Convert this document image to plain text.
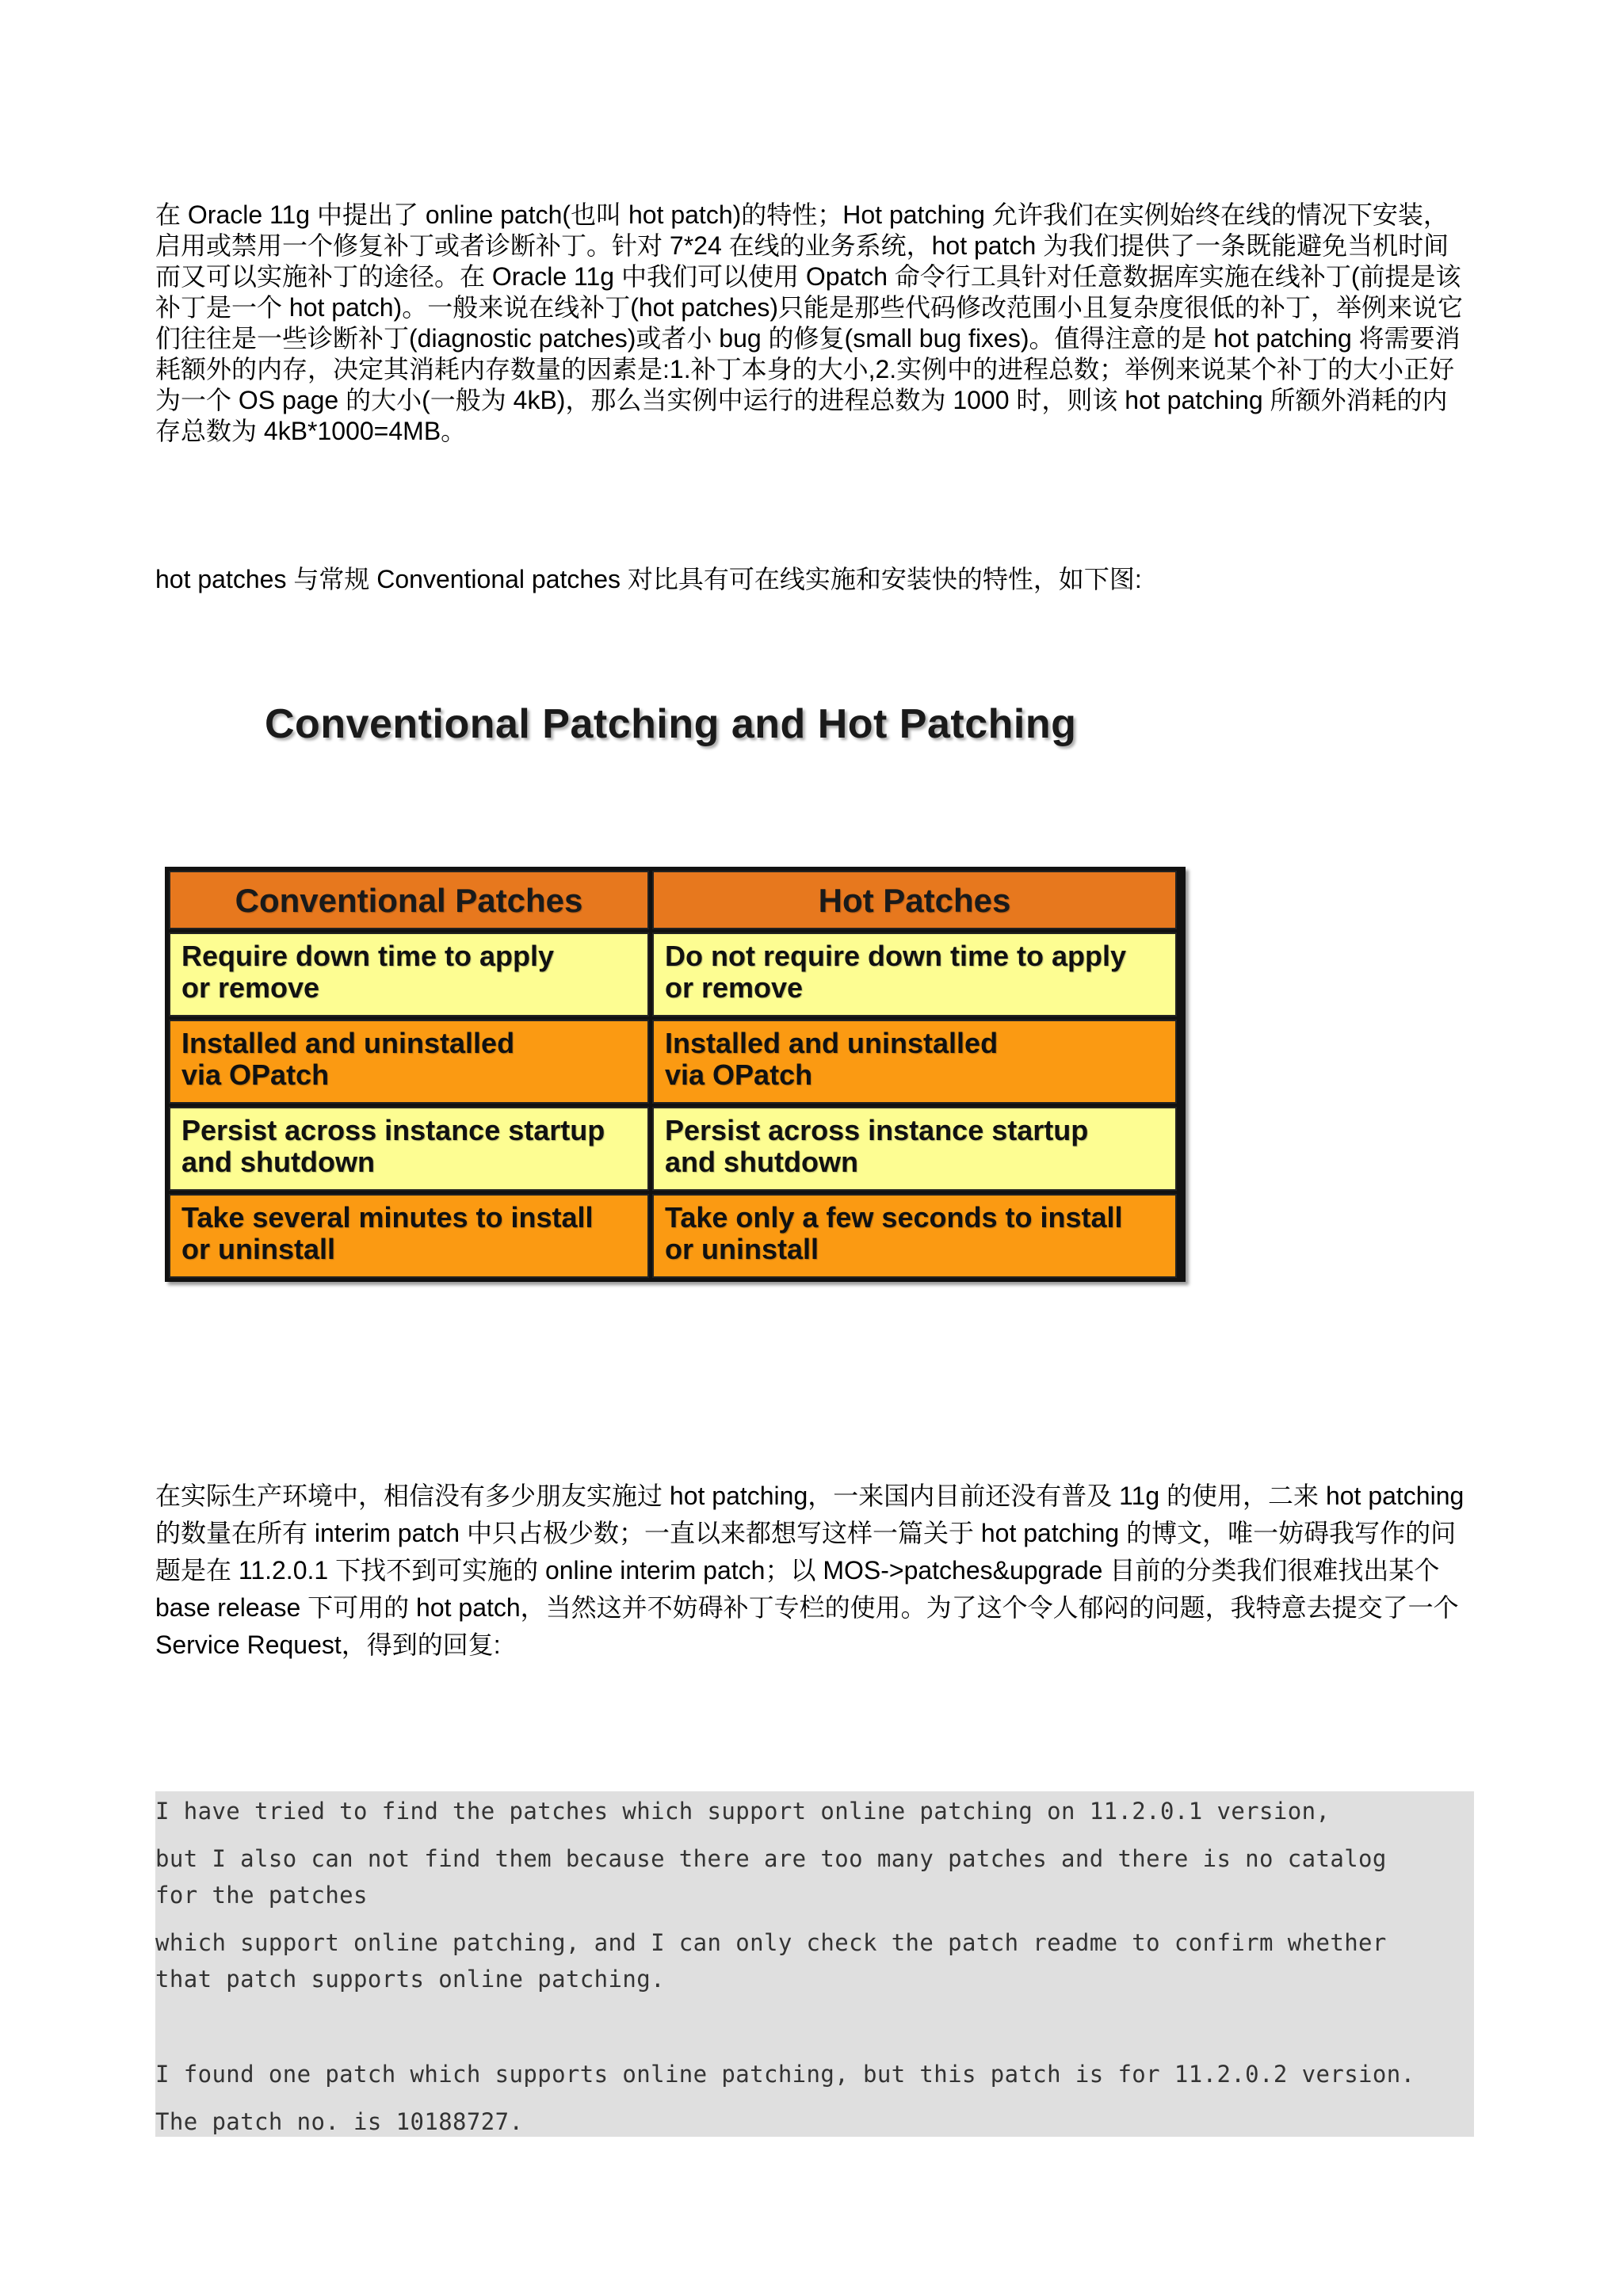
在 Oracle 11g 中提出了 online patch(也叫 hot patch)的特性；Hot patching 允许我们在实例始终在线的情况下安装，启用或禁用一个修复补丁或者诊断补丁。针对 7*24 在线的业务系统，hot patch 为我们提供了一条既能避免当机时间而又可以实施补丁的途径。在 Oracle 11g 中我们可以使用 Opatch 命令行工具针对任意数据库实施在线补丁(前提是该补丁是一个 hot patch)。一般来说在线补丁(hot patches)只能是那些代码修改范围小且复杂度很低的补丁，举例来说它们往往是一些诊断补丁(diagnostic patches)或者小 bug 的修复(small bug fixes)。值得注意的是 hot patching 将需要消耗额外的内存，决定其消耗内存数量的因素是:1.补丁本身的大小,2.实例中的进程总数；举例来说某个补丁的大小正好为一个 OS page 的大小(一般为 4kB)，那么当实例中运行的进程总数为 1000 时，则该 hot patching 所额外消耗的内存总数为 4kB*1000=4MB。

hot patches 与常规 Conventional patches 对比具有可在线实施和安装快的特性，如下图:

Conventional Patching and Hot Patching
Conventional Patches	Hot Patches
Require down time to apply
or remove
Do not require down time to apply
or remove
Installed and uninstalled
via OPatch
Installed and uninstalled
via OPatch
Persist across instance startup
and shutdown
Persist across instance startup
and shutdown
Take several minutes to install
or uninstall
Take only a few seconds to install
or uninstall

在实际生产环境中，相信没有多少朋友实施过 hot patching，一来国内目前还没有普及 11g 的使用，二来 hot patching 的数量在所有 interim patch 中只占极少数；一直以来都想写这样一篇关于 hot patching 的博文，唯一妨碍我写作的问题是在 11.2.0.1 下找不到可实施的 online interim patch；以 MOS->patches&upgrade 目前的分类我们很难找出某个 base release 下可用的 hot patch，当然这并不妨碍补丁专栏的使用。为了这个令人郁闷的问题，我特意去提交了一个 Service Request，得到的回复:

I have tried to find the patches which support online patching on 11.2.0.1 version,
but I also can not find them because there are too many patches and there is no catalog
for the patches
which support online patching, and I can only check the patch readme to confirm whether
that patch supports online patching.
I found one patch which supports online patching, but this patch is for 11.2.0.2 version.
The patch no. is 10188727.
